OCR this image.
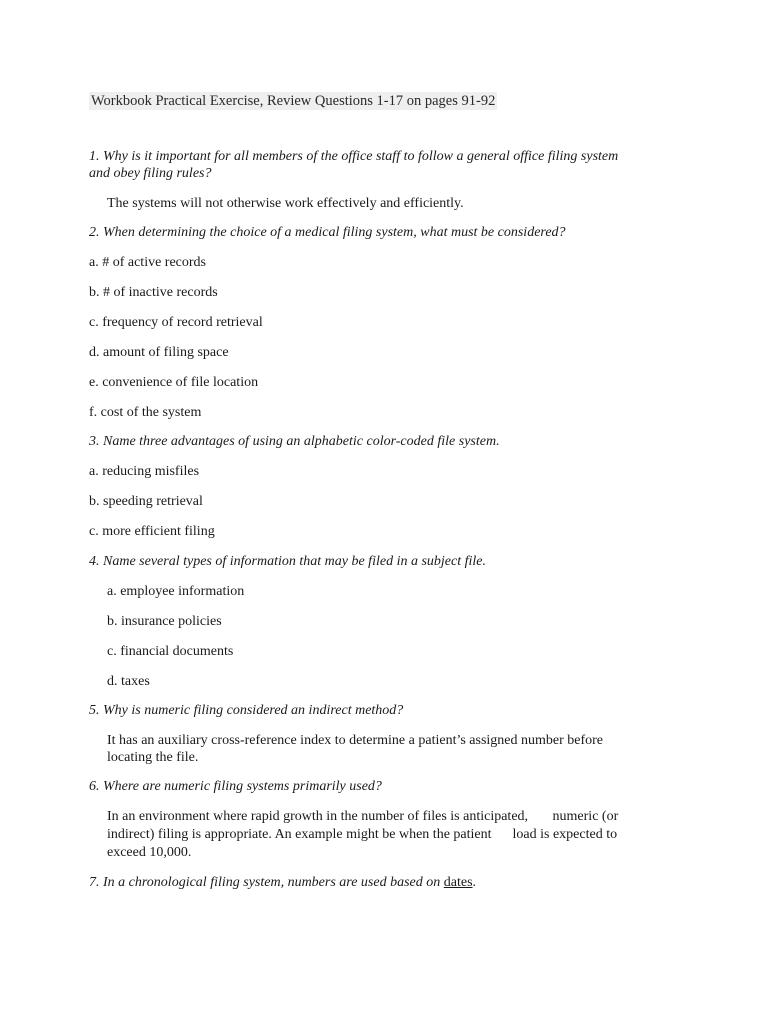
Workbook Practical Exercise, Review Questions 1-17 on pages 91-92
1. Why is it important for all members of the office staff to follow a general office filing system
and obey filing rules?
The systems will not otherwise work effectively and efficiently.
2. When determining the choice of a medical filing system, what must be considered?
a. # of active records
b. # of inactive records
c. frequency of record retrieval
d. amount of filing space
e. convenience of file location
f. cost of the system
3. Name three advantages of using an alphabetic color-coded file system.
a. reducing misfiles
b. speeding retrieval
c. more efficient filing
4. Name several types of information that may be filed in a subject file.
a. employee information
b. insurance policies
c. financial documents
d. taxes
5. Why is numeric filing considered an indirect method?
It has an auxiliary cross-reference index to determine a patient’s assigned number before
locating the file.
6. Where are numeric filing systems primarily used?
In an environment where rapid growth in the number of files is anticipated,       numeric (or
indirect) filing is appropriate. An example might be when the patient      load is expected to
exceed 10,000.
7. In a chronological filing system, numbers are used based on dates.
